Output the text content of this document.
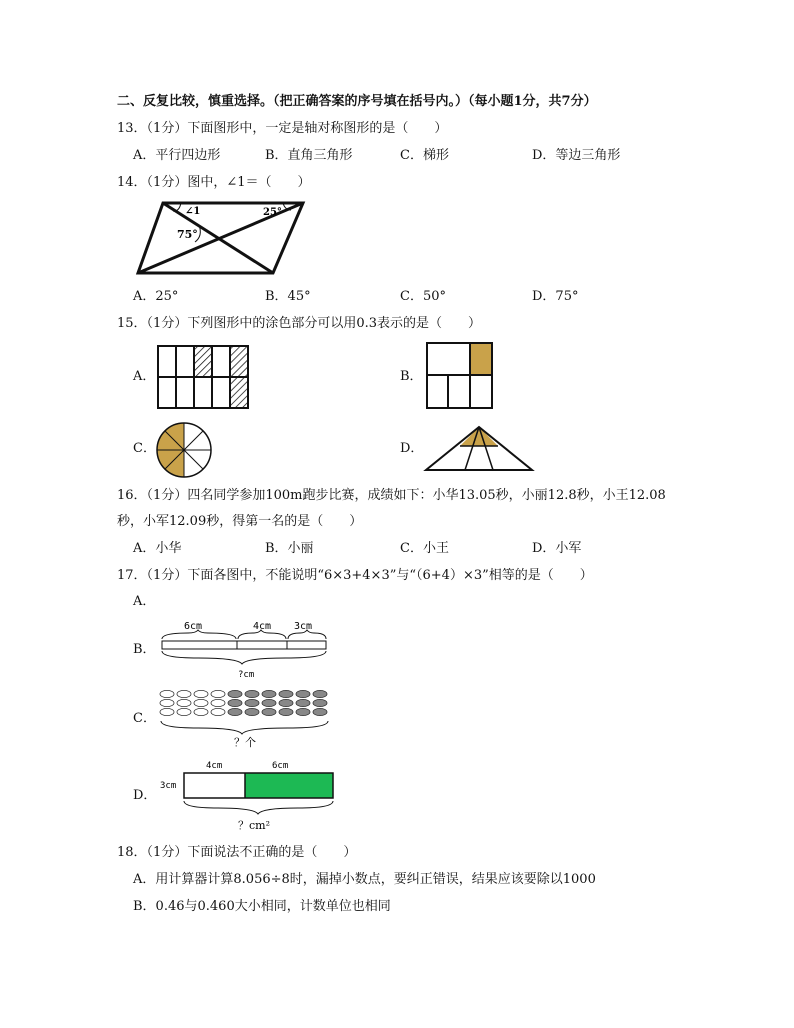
二、反复比较，慎重选择。（把正确答案的序号填在括号内。）（每小题1分，共7分）
13．（1分）下面图形中，一定是轴对称图形的是（　　）
A．平行四边形	B．直角三角形	C．梯形	D．等边三角形
14．（1分）图中，∠1＝（　　）
∠1	25°
75°
A．25°	B．45°	C．50°	D．75°
15．（1分）下列图形中的涂色部分可以用0.3表示的是（　　）
A．	B．
C．	D．
16．（1分）四名同学参加100m跑步比赛，成绩如下：小华13.05秒，小丽12.8秒，小王12.08
秒，小军12.09秒，得第一名的是（　　）
A．小华	B．小丽	C．小王	D．小军
17．（1分）下面各图中，不能说明“6×3+4×3”与“（6+4）×3”相等的是（　　）
A．
B．
6cm	4cm 3cm
?cm
C．
？个
D．
4cm	6cm
3cm
？cm²
18．（1分）下面说法不正确的是（　　）
A．用计算器计算8.056÷8时，漏掉小数点，要纠正错误，结果应该要除以1000
B．0.46与0.460大小相同，计数单位也相同
